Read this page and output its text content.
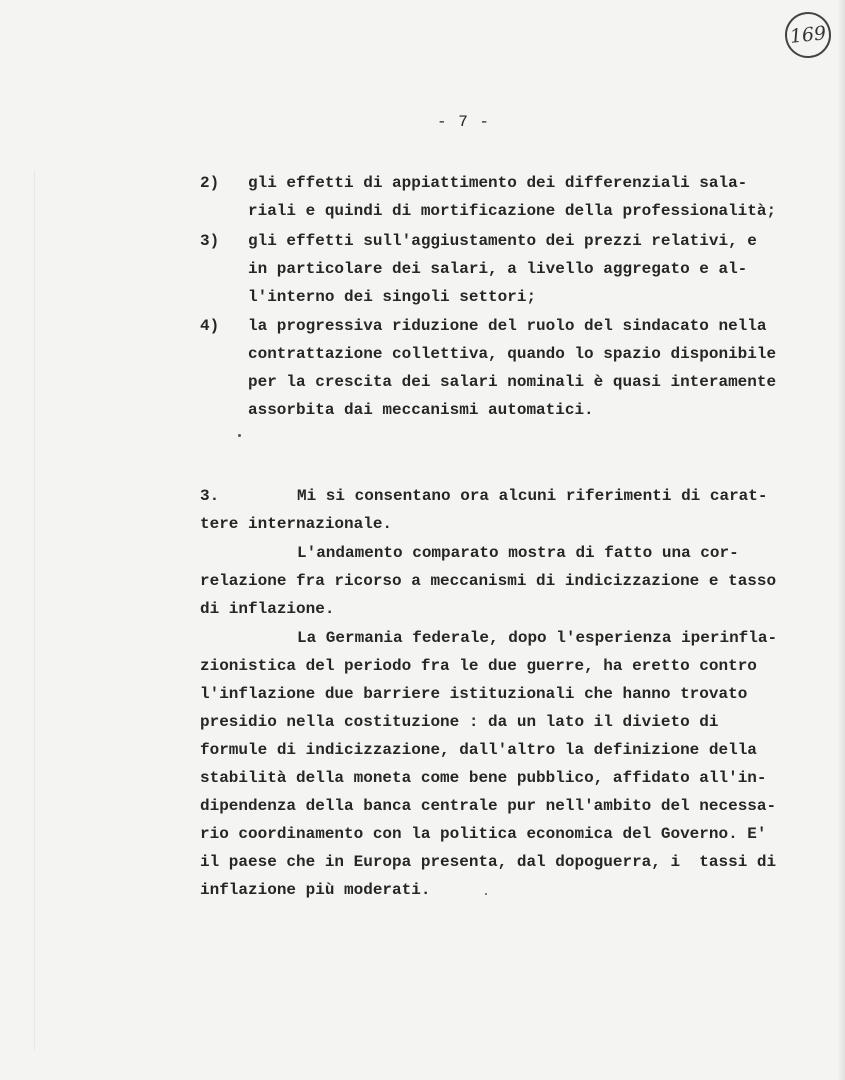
169
- 7 -
2) gli effetti di appiattimento dei differenziali sala-
riali e quindi di mortificazione della professionalità;
3) gli effetti sull'aggiustamento dei prezzi relativi, e
in particolare dei salari, a livello aggregato e al-
l'interno dei singoli settori;
4) la progressiva riduzione del ruolo del sindacato nella
contrattazione collettiva, quando lo spazio disponibile
per la crescita dei salari nominali è quasi interamente
assorbita dai meccanismi automatici.
3.	Mi si consentano ora alcuni riferimenti di carat-
tere internazionale.
L'andamento comparato mostra di fatto una cor-
relazione fra ricorso a meccanismi di indicizzazione e tasso
di inflazione.
La Germania federale, dopo l'esperienza iperinfla-
zionistica del periodo fra le due guerre, ha eretto contro
l'inflazione due barriere istituzionali che hanno trovato
presidio nella costituzione : da un lato il divieto di
formule di indicizzazione, dall'altro la definizione della
stabilità della moneta come bene pubblico, affidato all'in-
dipendenza della banca centrale pur nell'ambito del necessa-
rio coordinamento con la politica economica del Governo. E'
il paese che in Europa presenta, dal dopoguerra, i  tassi di
inflazione più moderati.
